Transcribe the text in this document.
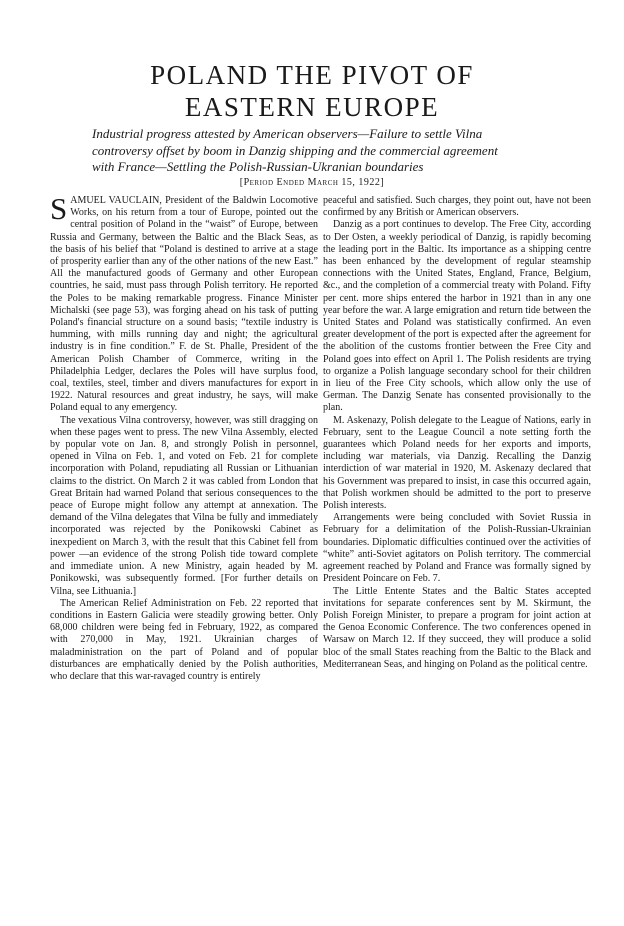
POLAND THE PIVOT OF
EASTERN EUROPE
Industrial progress attested by American observers—Failure to settle Vilna
controversy offset by boom in Danzig shipping and the commercial agreement
with France—Settling the Polish-Russian-Ukranian boundaries

[Period Ended March 15, 1922]

SAMUEL VAUCLAIN, President of the Baldwin Locomotive Works, on his return from a tour of Europe, pointed out the central position of Poland in the “waist” of Europe, between Russia and Germany, between the Baltic and the Black Seas, as the basis of his belief that “Poland is destined to arrive at a stage of prosperity earlier than any of the other nations of the new East.” All the manufactured goods of Germany and other European countries, he said, must pass through Polish territory. He reported the Poles to be making remarkable progress. Finance Minister Michalski (see page 53), was forging ahead on his task of putting Poland's financial structure on a sound basis; “textile industry is humming, with mills running day and night; the agricultural industry is in fine condition.” F. de St. Phalle, President of the American Polish Chamber of Commerce, writing in the Philadelphia Ledger, declares the Poles will have surplus food, coal, textiles, steel, timber and divers manufactures for export in 1922. Natural resources and great industry, he says, will make Poland equal to any emergency.

The vexatious Vilna controversy, however, was still dragging on when these pages went to press. The new Vilna Assembly, elected by popular vote on Jan. 8, and strongly Polish in personnel, opened in Vilna on Feb. 1, and voted on Feb. 21 for complete incorporation with Poland, repudiating all Russian or Lithuanian claims to the district. On March 2 it was cabled from London that Great Britain had warned Poland that serious consequences to the peace of Europe might follow any attempt at annexation. The demand of the Vilna delegates that Vilna be fully and immediately incorporated was rejected by the Ponikowski Cabinet as inexpedient on March 3, with the result that this Cabinet fell from power —an evidence of the strong Polish tide toward complete and immediate union. A new Ministry, again headed by M. Ponikowski, was subsequently formed. [For further details on Vilna, see Lithuania.]

The American Relief Administration on Feb. 22 reported that conditions in Eastern Galicia were steadily growing better. Only 68,000 children were being fed in February, 1922, as compared with 270,000 in May, 1921. Ukrainian charges of maladministration on the part of Poland and of popular disturbances are emphatically denied by the Polish authorities, who declare that this war-ravaged country is entirely

peaceful and satisfied. Such charges, they point out, have not been confirmed by any British or American observers.

Danzig as a port continues to develop. The Free City, according to Der Osten, a weekly periodical of Danzig, is rapidly becoming the leading port in the Baltic. Its importance as a shipping centre has been enhanced by the development of regular steamship connections with the United States, England, France, Belgium, &c., and the completion of a commercial treaty with Poland. Fifty per cent. more ships entered the harbor in 1921 than in any one year before the war. A large emigration and return tide between the United States and Poland was statistically confirmed. An even greater development of the port is expected after the agreement for the abolition of the customs frontier between the Free City and Poland goes into effect on April 1. The Polish residents are trying to organize a Polish language secondary school for their children in lieu of the Free City schools, which allow only the use of German. The Danzig Senate has consented provisionally to the plan.

M. Askenazy, Polish delegate to the League of Nations, early in February, sent to the League Council a note setting forth the guarantees which Poland needs for her exports and imports, including war materials, via Danzig. Recalling the Danzig interdiction of war material in 1920, M. Askenazy declared that his Government was prepared to insist, in case this occurred again, that Polish workmen should be admitted to the port to preserve Polish interests.

Arrangements were being concluded with Soviet Russia in February for a delimitation of the Polish-Russian-Ukrainian boundaries. Diplomatic difficulties continued over the activities of “white” anti-Soviet agitators on Polish territory. The commercial agreement reached by Poland and France was formally signed by President Poincare on Feb. 7.

The Little Entente States and the Baltic States accepted invitations for separate conferences sent by M. Skirmunt, the Polish Foreign Minister, to prepare a program for joint action at the Genoa Economic Conference. The two conferences opened in Warsaw on March 12. If they succeed, they will produce a solid bloc of the small States reaching from the Baltic to the Black and Mediterranean Seas, and hinging on Poland as the political centre.
